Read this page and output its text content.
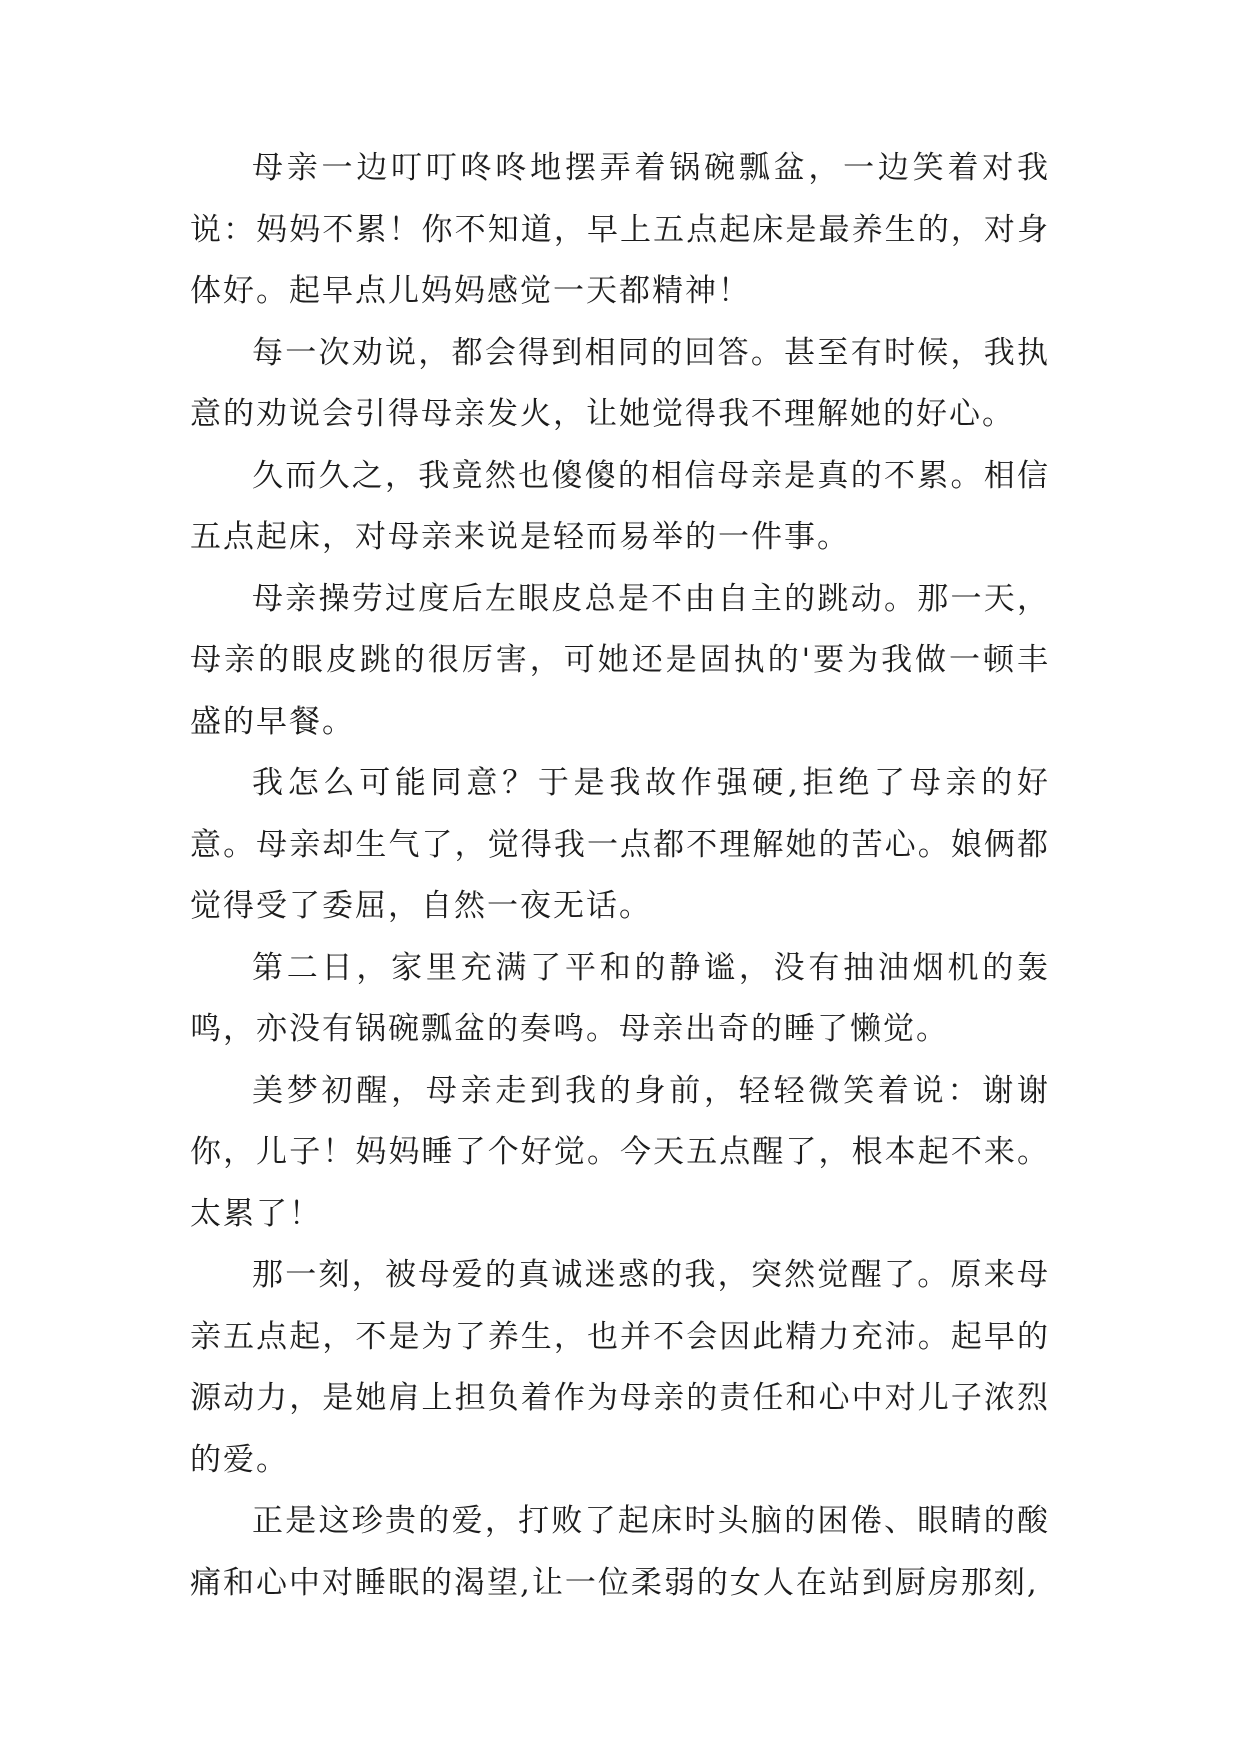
母亲一边叮叮咚咚地摆弄着锅碗瓢盆，一边笑着对我说：妈妈不累！你不知道，早上五点起床是最养生的，对身体好。起早点儿妈妈感觉一天都精神！

每一次劝说，都会得到相同的回答。甚至有时候，我执意的劝说会引得母亲发火，让她觉得我不理解她的好心。

久而久之，我竟然也傻傻的相信母亲是真的不累。相信五点起床，对母亲来说是轻而易举的一件事。

母亲操劳过度后左眼皮总是不由自主的跳动。那一天，母亲的眼皮跳的很厉害，可她还是固执的'要为我做一顿丰盛的早餐。

我怎么可能同意？于是我故作强硬,拒绝了母亲的好意。母亲却生气了，觉得我一点都不理解她的苦心。娘俩都觉得受了委屈，自然一夜无话。

第二日，家里充满了平和的静谧，没有抽油烟机的轰鸣，亦没有锅碗瓢盆的奏鸣。母亲出奇的睡了懒觉。

美梦初醒，母亲走到我的身前，轻轻微笑着说：谢谢你，儿子！妈妈睡了个好觉。今天五点醒了，根本起不来。太累了！

那一刻，被母爱的真诚迷惑的我，突然觉醒了。原来母亲五点起，不是为了养生，也并不会因此精力充沛。起早的源动力，是她肩上担负着作为母亲的责任和心中对儿子浓烈的爱。

正是这珍贵的爱，打败了起床时头脑的困倦、眼睛的酸痛和心中对睡眠的渴望,让一位柔弱的女人在站到厨房那刻,
